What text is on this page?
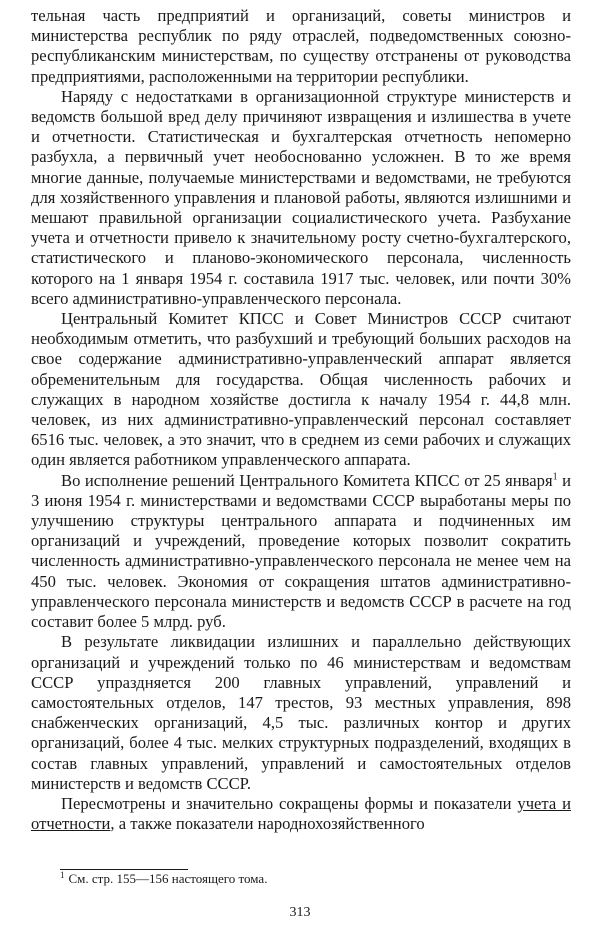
тельная часть предприятий и организаций, советы министров и министерства республик по ряду отраслей, подведомственных союзно-республиканским министерствам, по существу отстранены от руководства предприятиями, расположенными на территории республики.

Наряду с недостатками в организационной структуре министерств и ведомств большой вред делу причиняют извращения и излишества в учете и отчетности. Статистическая и бухгалтерская отчетность непомерно разбухла, а первичный учет необоснованно усложнен. В то же время многие данные, получаемые министерствами и ведомствами, не требуются для хозяйственного управления и плановой работы, являются излишними и мешают правильной организации социалистического учета. Разбухание учета и отчетности привело к значительному росту счетно-бухгалтерского, статистического и планово-экономического персонала, численность которого на 1 января 1954 г. составила 1917 тыс. человек, или почти 30% всего административно-управленческого персонала.

Центральный Комитет КПСС и Совет Министров СССР считают необходимым отметить, что разбухший и требующий больших расходов на свое содержание административно-управленческий аппарат является обременительным для государства. Общая численность рабочих и служащих в народном хозяйстве достигла к началу 1954 г. 44,8 млн. человек, из них административно-управленческий персонал составляет 6516 тыс. человек, а это значит, что в среднем из семи рабочих и служащих один является работником управленческого аппарата.

Во исполнение решений Центрального Комитета КПСС от 25 января$^1$ и 3 июня 1954 г. министерствами и ведомствами СССР выработаны меры по улучшению структуры центрального аппарата и подчиненных им организаций и учреждений, проведение которых позволит сократить численность административно-управленческого персонала не менее чем на 450 тыс. человек. Экономия от сокращения штатов административно-управленческого персонала министерств и ведомств СССР в расчете на год составит более 5 млрд. руб.

В результате ликвидации излишних и параллельно действующих организаций и учреждений только по 46 министерствам и ведомствам СССР упраздняется 200 главных управлений, управлений и самостоятельных отделов, 147 трестов, 93 местных управления, 898 снабженческих организаций, 4,5 тыс. различных контор и других организаций, более 4 тыс. мелких структурных подразделений, входящих в состав главных управлений, управлений и самостоятельных отделов министерств и ведомств СССР.

Пересмотрены и значительно сокращены формы и показатели учета и отчетности, а также показатели народнохозяйственного

$^1$ См. стр. 155—156 настоящего тома.
313
